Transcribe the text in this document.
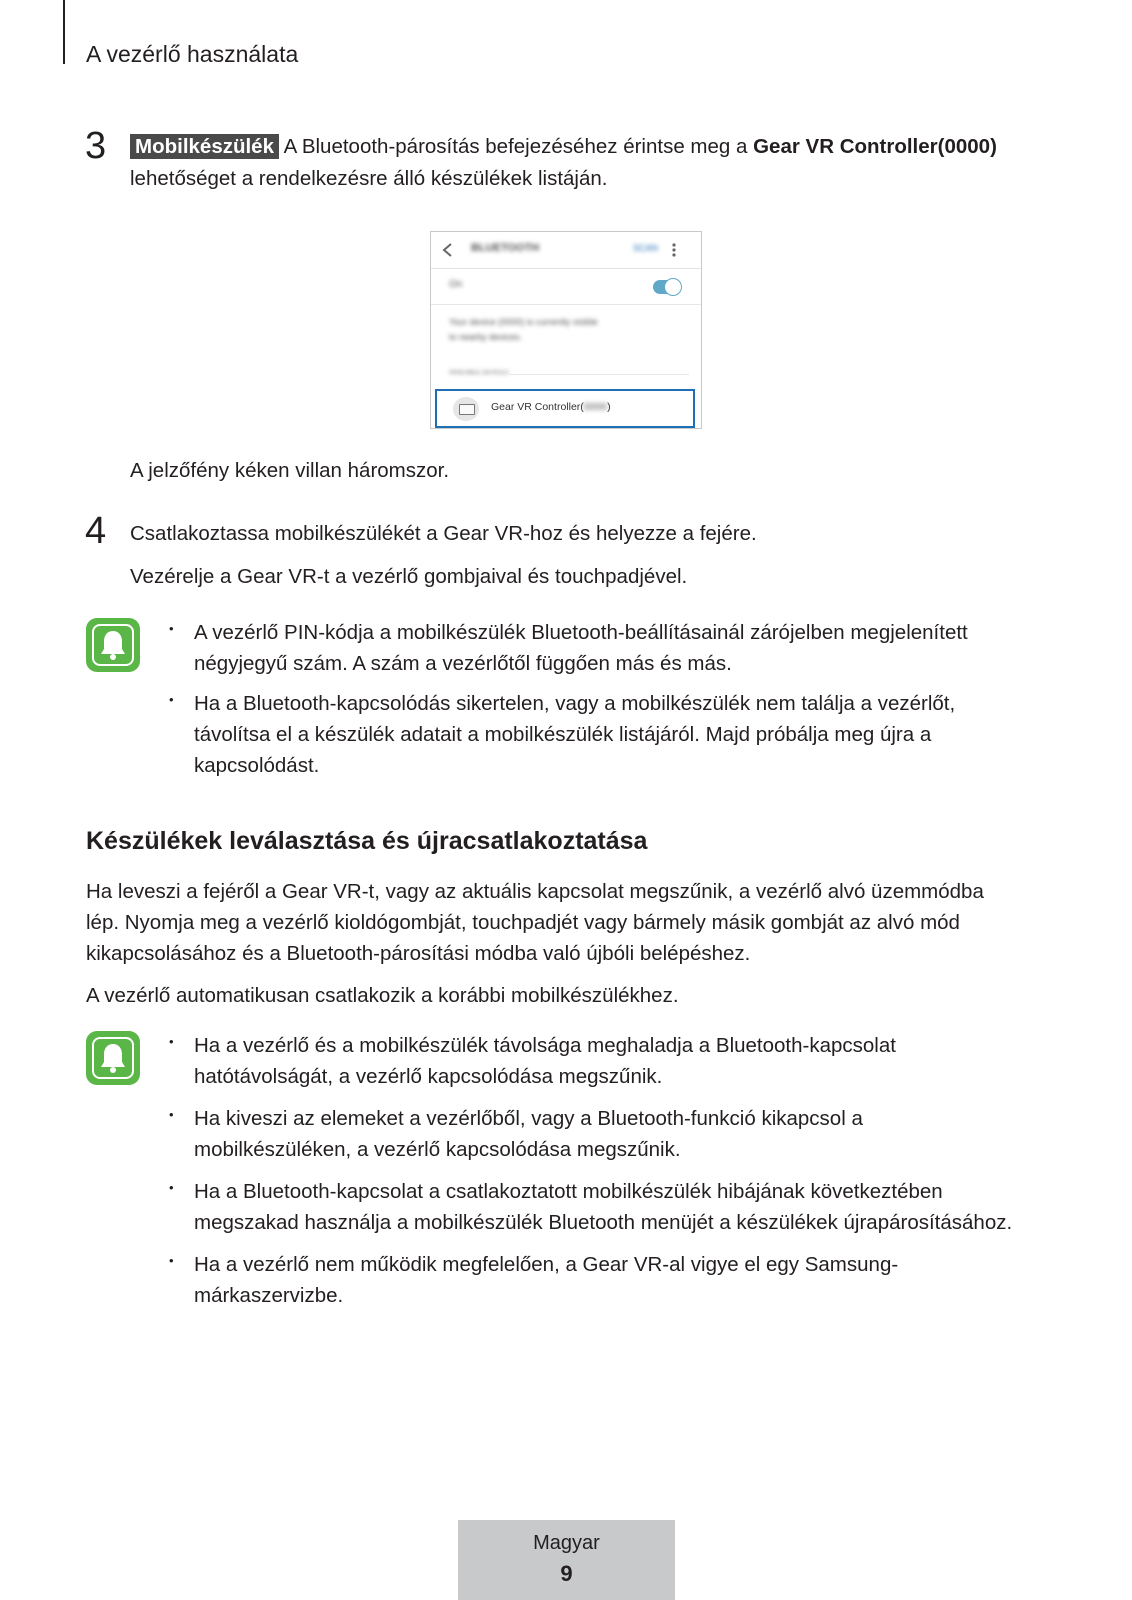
A vezérlő használata
3 Mobilkészülék A Bluetooth-párosítás befejezéséhez érintse meg a Gear VR Controller(0000)
lehetőséget a rendelkezésre álló készülékek listáján.
BLUETOOTH	SCAN
On
Your device (0000) is currently visible
to nearby devices.
AVAILABLE DEVICES
Gear VR Controller(0000)
A jelzőfény kéken villan háromszor.
4 Csatlakoztassa mobilkészülékét a Gear VR-hoz és helyezze a fejére.
Vezérelje a Gear VR-t a vezérlő gombjaival és touchpadjével.
• A vezérlő PIN-kódja a mobilkészülék Bluetooth-beállításainál zárójelben megjelenített
négyjegyű szám. A szám a vezérlőtől függően más és más.
• Ha a Bluetooth-kapcsolódás sikertelen, vagy a mobilkészülék nem találja a vezérlőt,
távolítsa el a készülék adatait a mobilkészülék listájáról. Majd próbálja meg újra a
kapcsolódást.
Készülékek leválasztása és újracsatlakoztatása
Ha leveszi a fejéről a Gear VR-t, vagy az aktuális kapcsolat megszűnik, a vezérlő alvó üzemmódba
lép. Nyomja meg a vezérlő kioldógombját, touchpadjét vagy bármely másik gombját az alvó mód
kikapcsolásához és a Bluetooth-párosítási módba való újbóli belépéshez.
A vezérlő automatikusan csatlakozik a korábbi mobilkészülékhez.
• Ha a vezérlő és a mobilkészülék távolsága meghaladja a Bluetooth-kapcsolat
hatótávolságát, a vezérlő kapcsolódása megszűnik.
• Ha kiveszi az elemeket a vezérlőből, vagy a Bluetooth-funkció kikapcsol a
mobilkészüléken, a vezérlő kapcsolódása megszűnik.
• Ha a Bluetooth-kapcsolat a csatlakoztatott mobilkészülék hibájának következtében
megszakad használja a mobilkészülék Bluetooth menüjét a készülékek újrapárosításához.
• Ha a vezérlő nem működik megfelelően, a Gear VR-al vigye el egy Samsung-
márkaszervizbe.
Magyar
9
